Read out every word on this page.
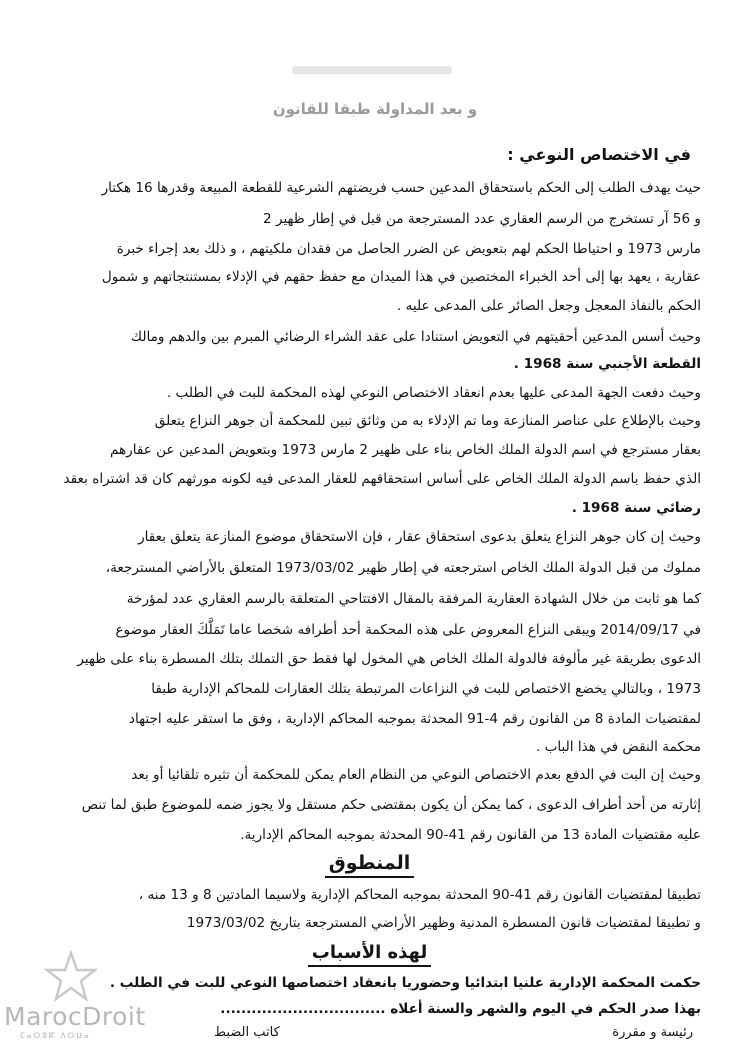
و بعد المداولة طبقا للقانون
في الاختصاص النوعي :
حيث يهدف الطلب إلى الحكم باستحقاق المدعين حسب فريضتهم الشرعية للقطعة المبيعة وقدرها 16 هكتار
و 56 آر تستخرج من الرسم العقاري عدد المسترجعة من قبل في إطار ظهير 2
مارس 1973 و احتياطا الحكم لهم بتعويض عن الضرر الحاصل من فقدان ملكيتهم ، و ذلك بعد إجراء خبرة
عقارية ، يعهد بها إلى أحد الخبراء المختصين في هذا الميدان مع حفظ حقهم في الإدلاء بمستنتجاتهم و شمول
الحكم بالنفاذ المعجل وجعل الصائر على المدعى عليه .
وحيث أسس المدعين أحقيتهم في التعويض استنادا على عقد الشراء الرضائي المبرم بين والدهم ومالك
القطعة الأجنبي سنة 1968 .
وحيث دفعت الجهة المدعى عليها بعدم انعقاد الاختصاص النوعي لهذه المحكمة للبت في الطلب .
وحيث بالإطلاع على عناصر المنازعة وما تم الإدلاء به من وثائق تبين للمحكمة أن جوهر النزاع يتعلق
بعقار مسترجع في اسم الدولة الملك الخاص بناء على ظهير 2 مارس 1973 وبتعويض المدعين عن عقارهم
الذي حفظ باسم الدولة الملك الخاص على أساس استحقاقهم للعقار المدعى فيه لكونه مورثهم كان قد اشتراه بعقد
رضائي سنة 1968 .
وحيث إن كان جوهر النزاع يتعلق بدعوى استحقاق عقار ، فإن الاستحقاق موضوع المنازعة يتعلق بعقار
مملوك من قبل الدولة الملك الخاص استرجعته في إطار ظهير 1973/03/02 المتعلق بالأراضي المسترجعة،
كما هو ثابت من خلال الشهادة العقارية المرفقة بالمقال الافتتاحي المتعلقة بالرسم العقاري عدد لمؤرخة
في 2014/09/17 ويبقى النزاع المعروض على هذه المحكمة أحد أطرافه شخصا عاما تَمَلَّكَ العقار موضوع
الدعوى بطريقة غير مألوفة فالدولة الملك الخاص هي المخول لها فقط حق التملك بتلك المسطرة بناء على ظهير
1973 ، وبالتالي يخضع الاختصاص للبت في النزاعات المرتبطة بتلك العقارات للمحاكم الإدارية طبقا
لمقتضيات المادة 8 من القانون رقم 4-91 المحدثة بموجبه المحاكم الإدارية ، وفق ما استقر عليه اجتهاد
محكمة النقض في هذا الباب .
وحيث إن البت في الدفع بعدم الاختصاص النوعي من النظام العام يمكن للمحكمة أن تثيره تلقائيا أو بعد
إثارته من أحد أطراف الدعوى ، كما يمكن أن يكون بمقتضى حكم مستقل ولا يجوز ضمه للموضوع طبق لما تنص
عليه مقتضيات المادة 13 من القانون رقم 41-90 المحدثة بموجبه المحاكم الإدارية.
المنطوق
تطبيقا لمقتضيات القانون رقم 41-90 المحدثة بموجبه المحاكم الإدارية ولاسيما المادتين 8 و 13 منه ،
و تطبيقا لمقتضيات قانون المسطرة المدنية وظهير الأراضي المسترجعة بتاريخ 1973/03/02
لهذه الأسباب
حكمت المحكمة الإدارية علنيا ابتدائيا وحضوريا بانعقاد اختصاصها النوعي للبت في الطلب .
بهذا صدر الحكم في اليوم والشهر والسنة أعلاه ................................
رئيسة و مقررة
كاتب الضبط
MarocDroit
ⵎⴰⵔⵓⴽ ⴷⵔⵡⴰ
